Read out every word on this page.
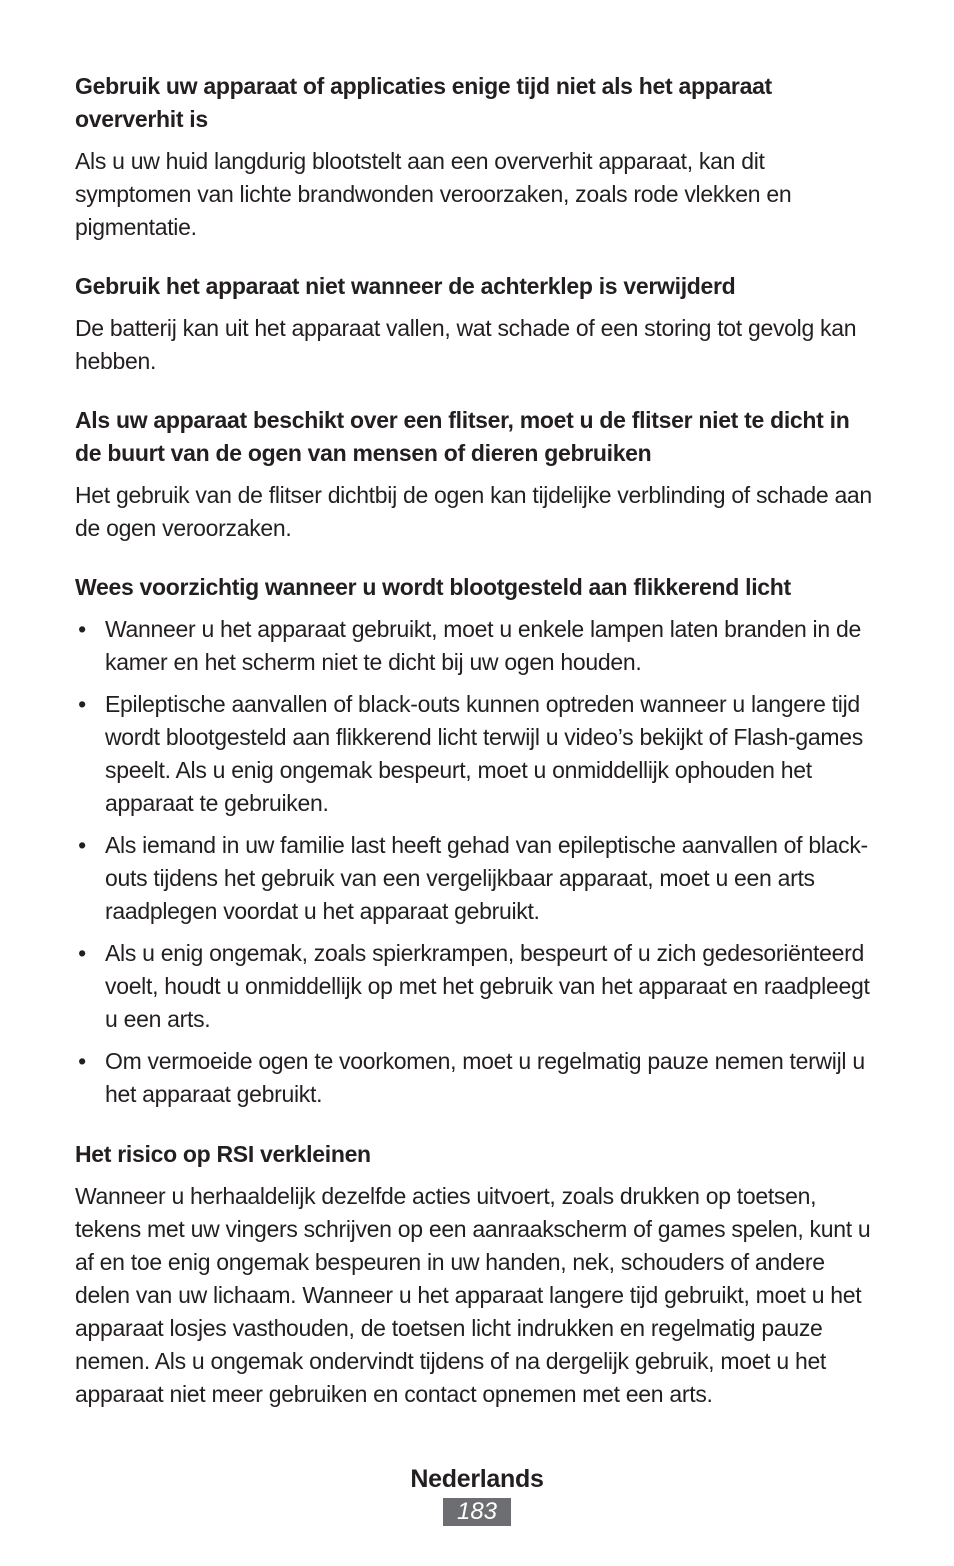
Gebruik uw apparaat of applicaties enige tijd niet als het apparaat oververhit is

Als u uw huid langdurig blootstelt aan een oververhit apparaat, kan dit symptomen van lichte brandwonden veroorzaken, zoals rode vlekken en pigmentatie.

Gebruik het apparaat niet wanneer de achterklep is verwijderd

De batterij kan uit het apparaat vallen, wat schade of een storing tot gevolg kan hebben.

Als uw apparaat beschikt over een flitser, moet u de flitser niet te dicht in de buurt van de ogen van mensen of dieren gebruiken

Het gebruik van de flitser dichtbij de ogen kan tijdelijke verblinding of schade aan de ogen veroorzaken.

Wees voorzichtig wanneer u wordt blootgesteld aan flikkerend licht

• Wanneer u het apparaat gebruikt, moet u enkele lampen laten branden in de kamer en het scherm niet te dicht bij uw ogen houden.
• Epileptische aanvallen of black-outs kunnen optreden wanneer u langere tijd wordt blootgesteld aan flikkerend licht terwijl u video’s bekijkt of Flash-games speelt. Als u enig ongemak bespeurt, moet u onmiddellijk ophouden het apparaat te gebruiken.
• Als iemand in uw familie last heeft gehad van epileptische aanvallen of black-outs tijdens het gebruik van een vergelijkbaar apparaat, moet u een arts raadplegen voordat u het apparaat gebruikt.
• Als u enig ongemak, zoals spierkrampen, bespeurt of u zich gedesoriënteerd voelt, houdt u onmiddellijk op met het gebruik van het apparaat en raadpleegt u een arts.
• Om vermoeide ogen te voorkomen, moet u regelmatig pauze nemen terwijl u het apparaat gebruikt.

Het risico op RSI verkleinen

Wanneer u herhaaldelijk dezelfde acties uitvoert, zoals drukken op toetsen, tekens met uw vingers schrijven op een aanraakscherm of games spelen, kunt u af en toe enig ongemak bespeuren in uw handen, nek, schouders of andere delen van uw lichaam. Wanneer u het apparaat langere tijd gebruikt, moet u het apparaat losjes vasthouden, de toetsen licht indrukken en regelmatig pauze nemen. Als u ongemak ondervindt tijdens of na dergelijk gebruik, moet u het apparaat niet meer gebruiken en contact opnemen met een arts.

Nederlands
183
